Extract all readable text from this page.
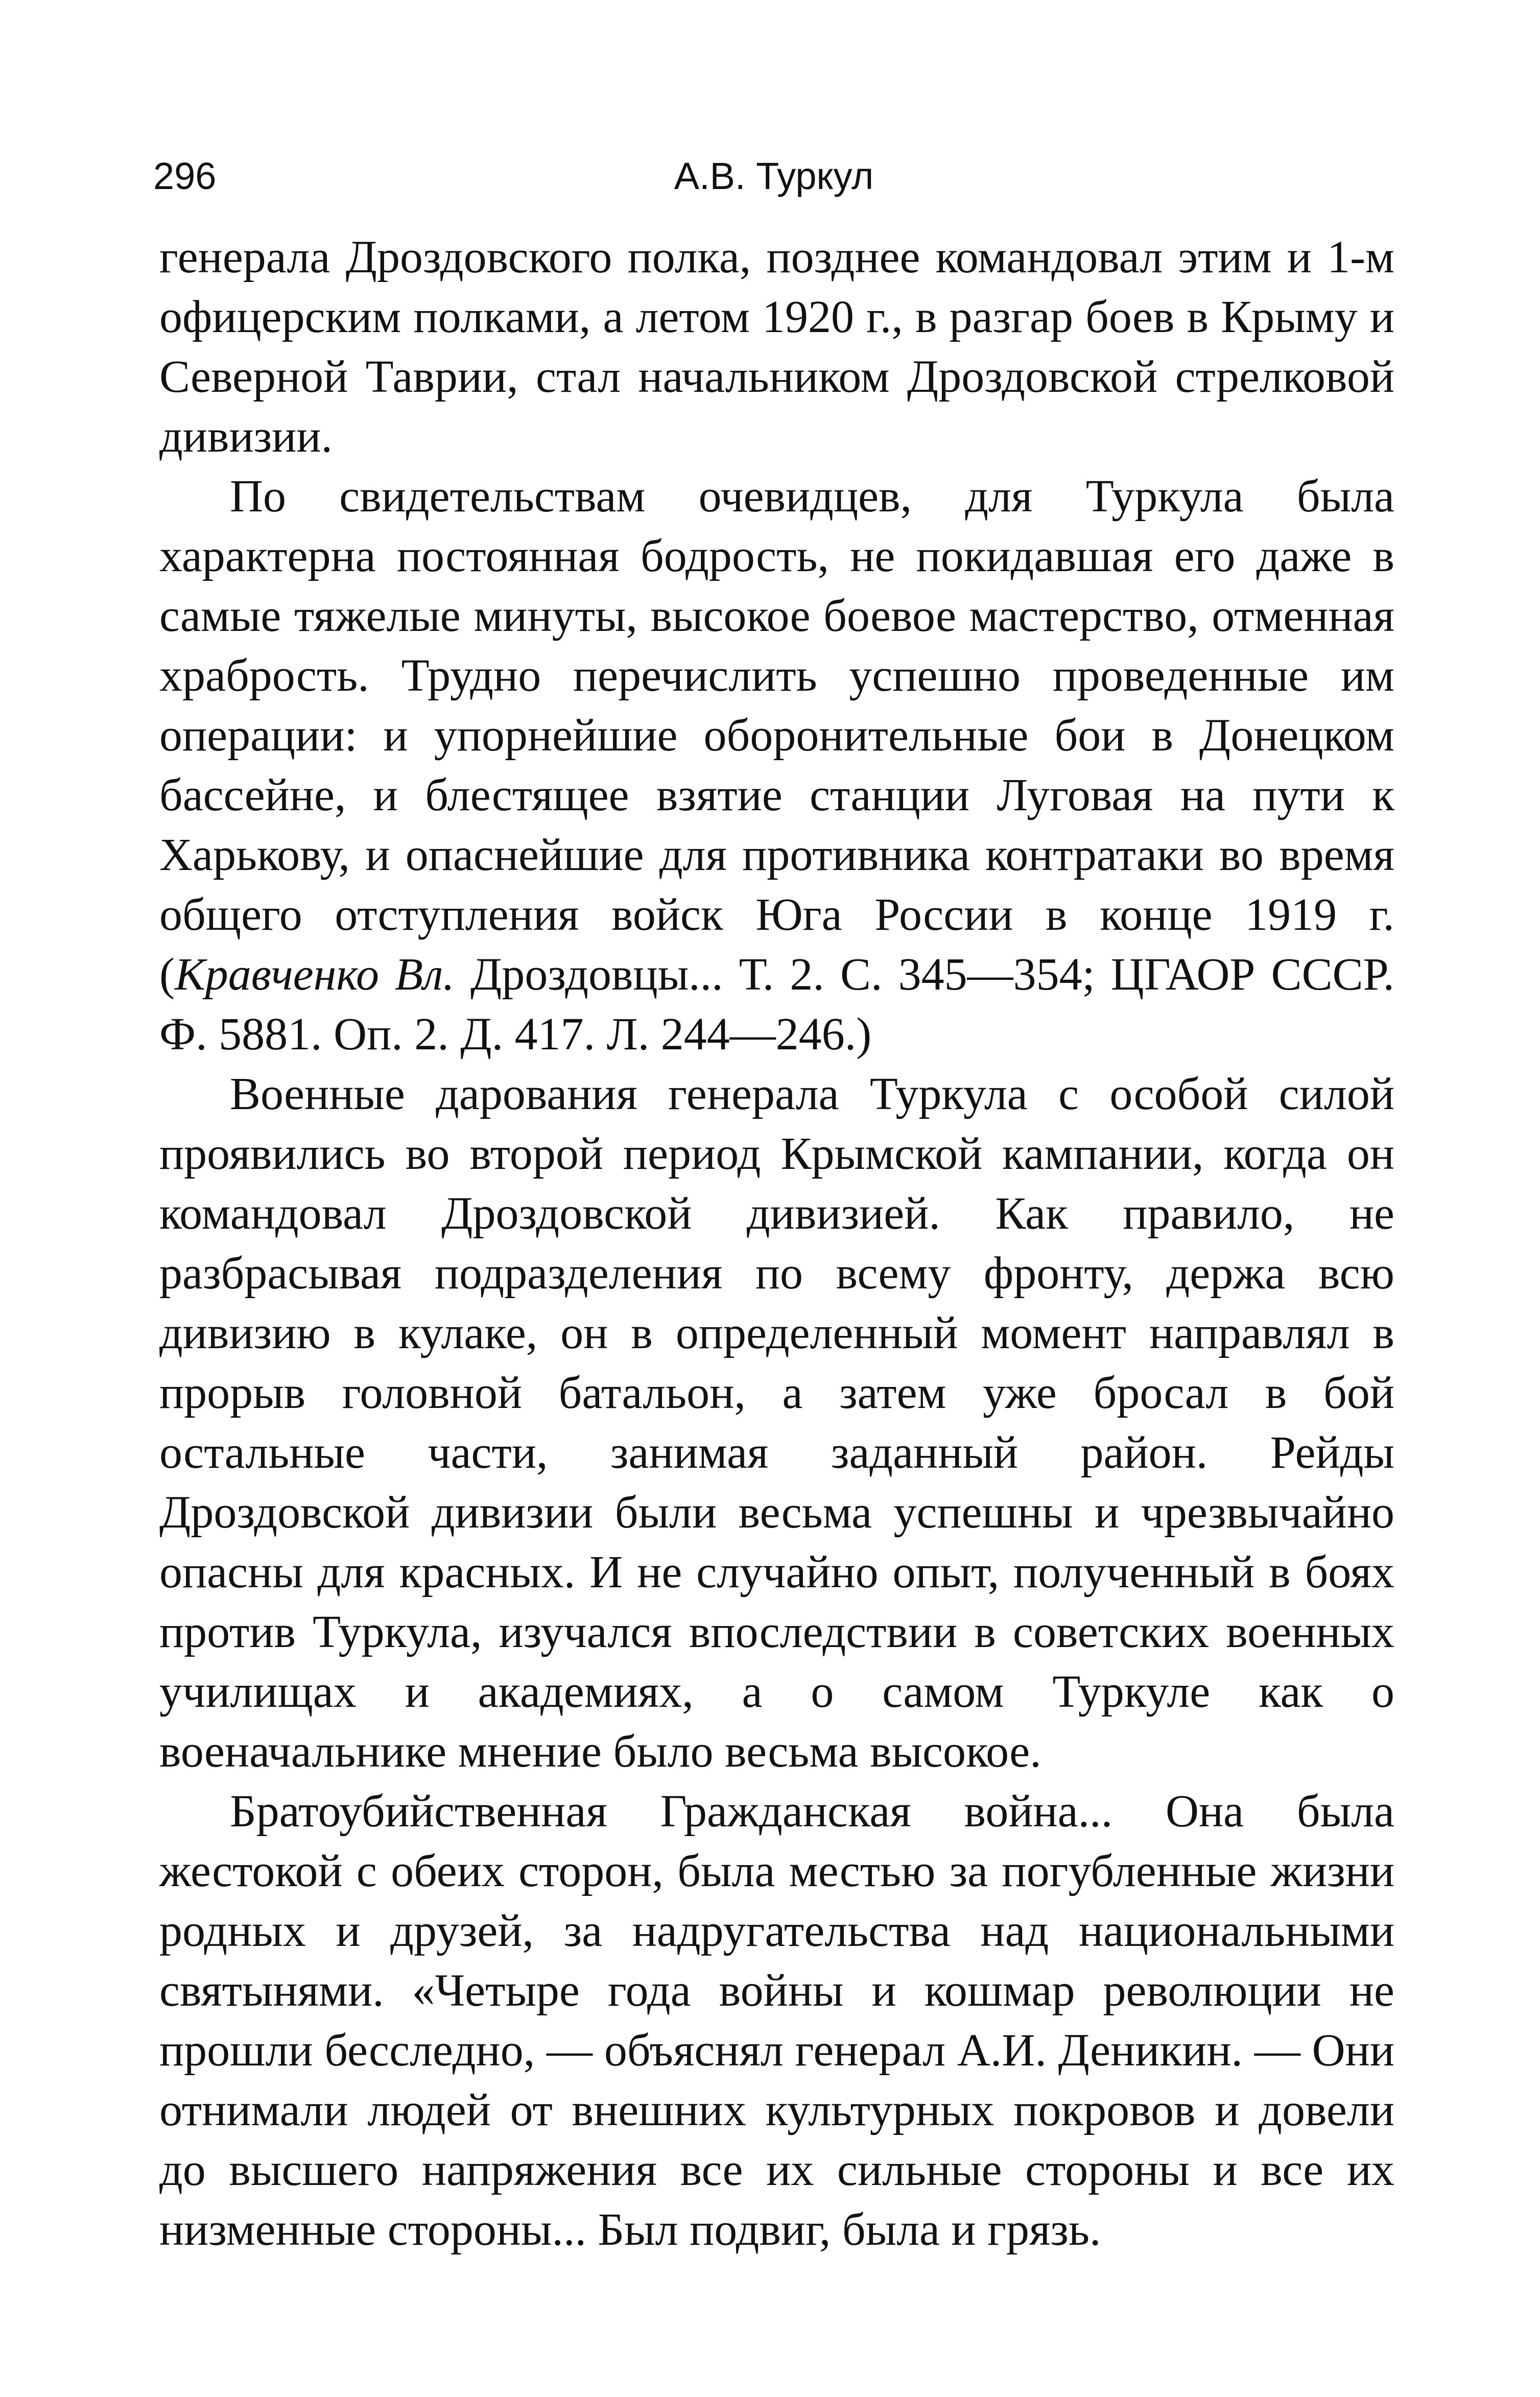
296	А.В. Туркул

генерала Дроздовского полка, позднее командовал этим и 1-м офицерским полками, а летом 1920 г., в разгар боев в Крыму и Северной Таврии, стал начальником Дроздовской стрелковой дивизии.

По свидетельствам очевидцев, для Туркула была характерна постоянная бодрость, не покидавшая его даже в самые тяжелые минуты, высокое боевое мастерство, отменная храбрость. Трудно перечислить успешно проведенные им операции: и упорнейшие оборонительные бои в Донецком бассейне, и блестящее взятие станции Луговая на пути к Харькову, и опаснейшие для противника контратаки во время общего отступления войск Юга России в конце 1919 г. (Кравченко Вл. Дроздовцы... Т. 2. С. 345—354; ЦГАОР СССР. Ф. 5881. Оп. 2. Д. 417. Л. 244—246.)

Военные дарования генерала Туркула с особой силой проявились во второй период Крымской кампании, когда он командовал Дроздовской дивизией. Как правило, не разбрасывая подразделения по всему фронту, держа всю дивизию в кулаке, он в определенный момент направлял в прорыв головной батальон, а затем уже бросал в бой остальные части, занимая заданный район. Рейды Дроздовской дивизии были весьма успешны и чрезвычайно опасны для красных. И не случайно опыт, полученный в боях против Туркула, изучался впоследствии в советских военных училищах и академиях, а о самом Туркуле как о военачальнике мнение было весьма высокое.

Братоубийственная Гражданская война... Она была жестокой с обеих сторон, была местью за погубленные жизни родных и друзей, за надругательства над национальными святынями. «Четыре года войны и кошмар революции не прошли бесследно, — объяснял генерал А.И. Деникин. — Они отнимали людей от внешних культурных покровов и довели до высшего напряжения все их сильные стороны и все их низменные стороны... Был подвиг, была и грязь.
